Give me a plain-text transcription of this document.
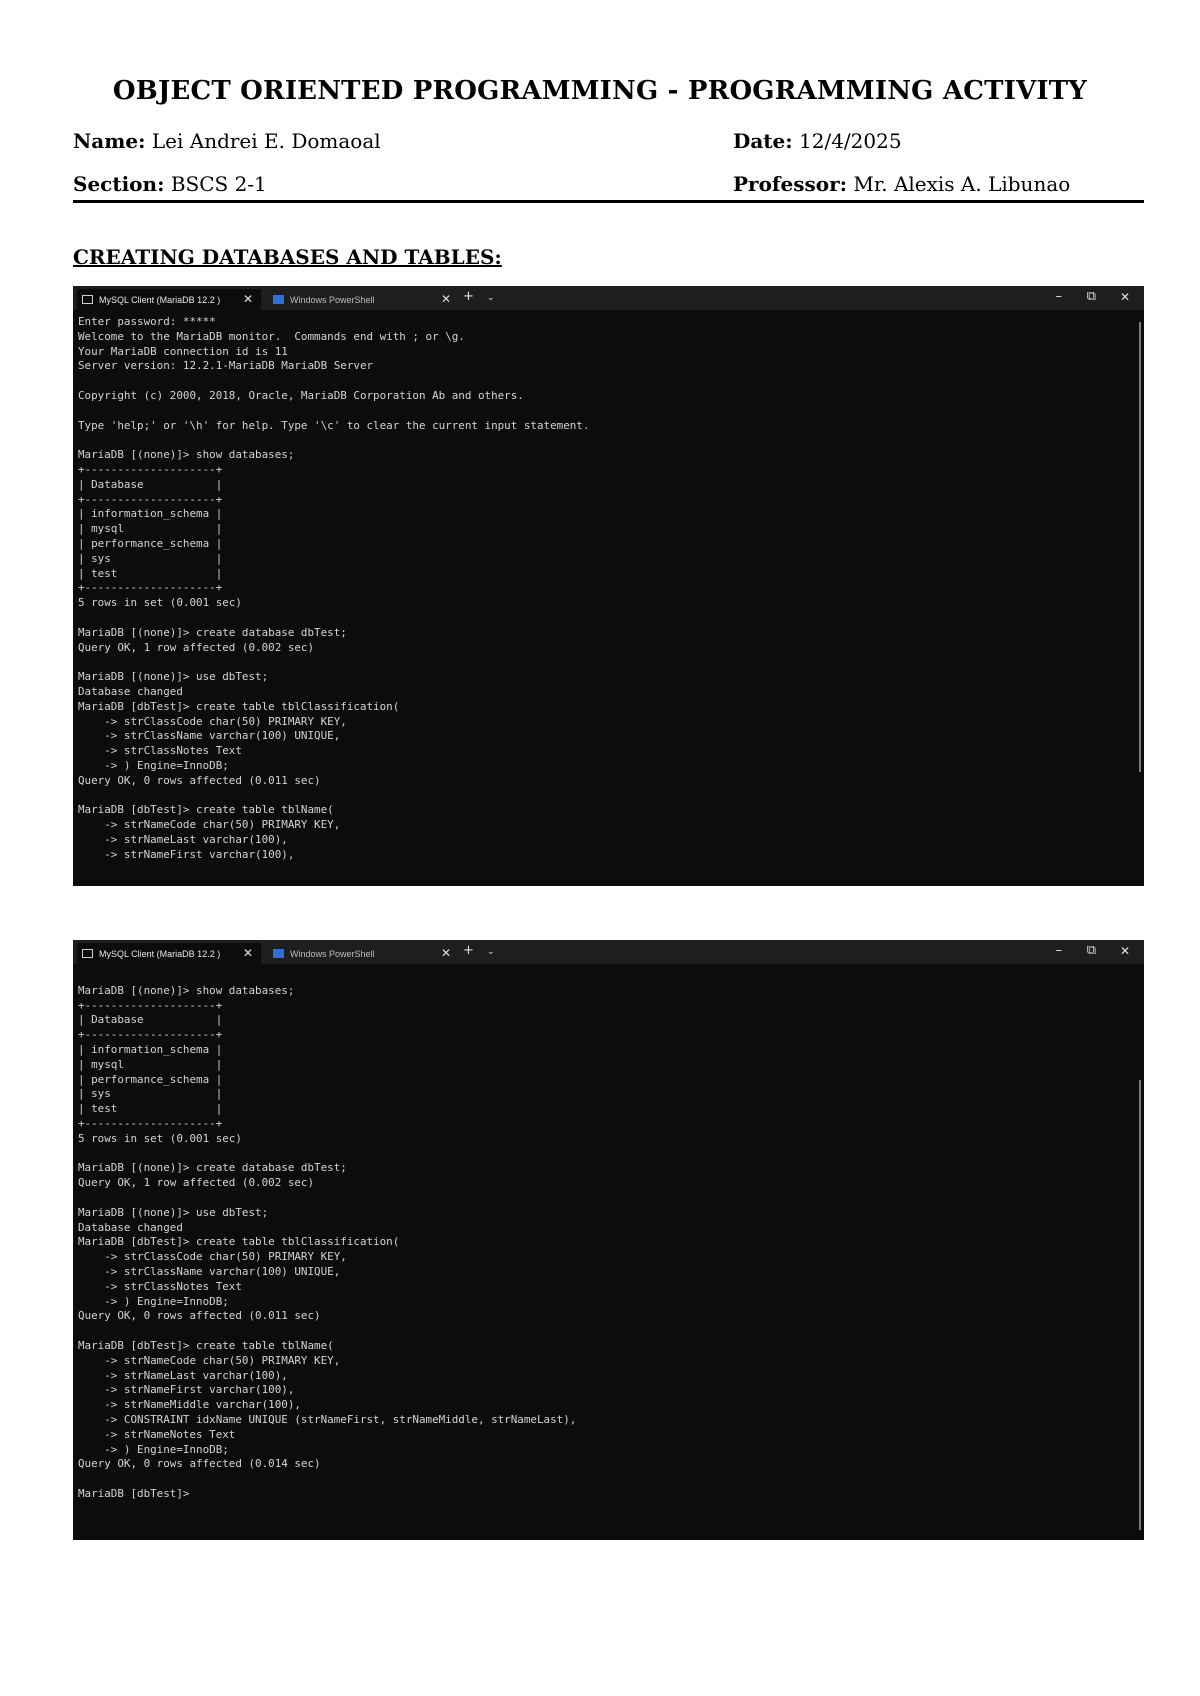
OBJECT ORIENTED PROGRAMMING - PROGRAMMING ACTIVITY
Name: Lei Andrei E. Domaoal	Date: 12/4/2025
Section: BSCS 2-1	Professor: Mr. Alexis A. Libunao
CREATING DATABASES AND TABLES:
MySQL Client (MariaDB 12.2 ) ✕	Windows PowerShell	✕ + ⌄	– ⧉ ✕
Enter password: *****
Welcome to the MariaDB monitor.  Commands end with ; or \g.
Your MariaDB connection id is 11
Server version: 12.2.1-MariaDB MariaDB Server

Copyright (c) 2000, 2018, Oracle, MariaDB Corporation Ab and others.

Type 'help;' or '\h' for help. Type '\c' to clear the current input statement.

MariaDB [(none)]> show databases;
+--------------------+
| Database           |
+--------------------+
| information_schema |
| mysql              |
| performance_schema |
| sys                |
| test               |
+--------------------+
5 rows in set (0.001 sec)

MariaDB [(none)]> create database dbTest;
Query OK, 1 row affected (0.002 sec)

MariaDB [(none)]> use dbTest;
Database changed
MariaDB [dbTest]> create table tblClassification(
-> strClassCode char(50) PRIMARY KEY,
-> strClassName varchar(100) UNIQUE,
-> strClassNotes Text
-> ) Engine=InnoDB;
Query OK, 0 rows affected (0.011 sec)

MariaDB [dbTest]> create table tblName(
-> strNameCode char(50) PRIMARY KEY,
-> strNameLast varchar(100),
-> strNameFirst varchar(100),
MySQL Client (MariaDB 12.2 ) ✕	Windows PowerShell	✕ + ⌄	– ⧉ ✕

MariaDB [(none)]> show databases;
+--------------------+
| Database           |
+--------------------+
| information_schema |
| mysql              |
| performance_schema |
| sys                |
| test               |
+--------------------+
5 rows in set (0.001 sec)

MariaDB [(none)]> create database dbTest;
Query OK, 1 row affected (0.002 sec)

MariaDB [(none)]> use dbTest;
Database changed
MariaDB [dbTest]> create table tblClassification(
-> strClassCode char(50) PRIMARY KEY,
-> strClassName varchar(100) UNIQUE,
-> strClassNotes Text
-> ) Engine=InnoDB;
Query OK, 0 rows affected (0.011 sec)

MariaDB [dbTest]> create table tblName(
-> strNameCode char(50) PRIMARY KEY,
-> strNameLast varchar(100),
-> strNameFirst varchar(100),
-> strNameMiddle varchar(100),
-> CONSTRAINT idxName UNIQUE (strNameFirst, strNameMiddle, strNameLast),
-> strNameNotes Text
-> ) Engine=InnoDB;
Query OK, 0 rows affected (0.014 sec)

MariaDB [dbTest]>
